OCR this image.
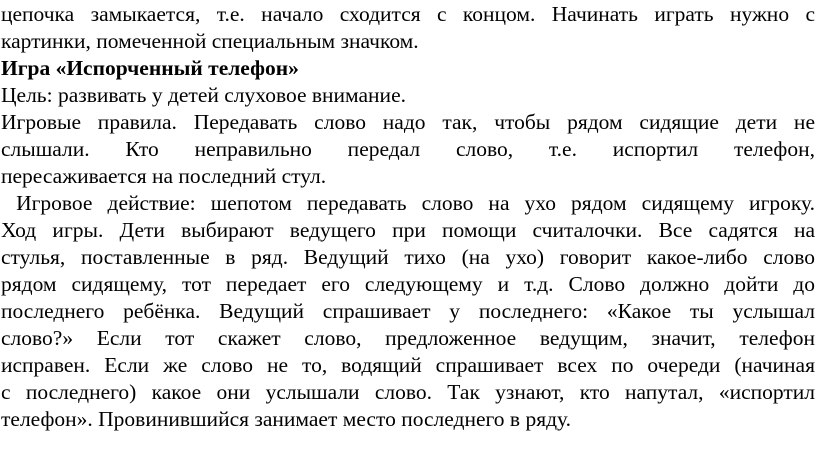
цепочка замыкается, т.е. начало сходится с концом. Начинать играть нужно с
картинки, помеченной специальным значком.
Игра «Испорченный телефон»
Цель: развивать у детей слуховое внимание.
Игровые правила. Передавать слово надо так, чтобы рядом сидящие дети не
слышали. Кто неправильно передал слово, т.е. испортил телефон,
пересаживается на последний стул.
Игровое действие: шепотом передавать слово на ухо рядом сидящему игроку.
Ход игры. Дети выбирают ведущего при помощи считалочки. Все садятся на
стулья, поставленные в ряд. Ведущий тихо (на ухо) говорит какое-либо слово
рядом сидящему, тот передает его следующему и т.д. Слово должно дойти до
последнего ребёнка. Ведущий спрашивает у последнего: «Какое ты услышал
слово?» Если тот скажет слово, предложенное ведущим, значит, телефон
исправен. Если же слово не то, водящий спрашивает всех по очереди (начиная
с последнего) какое они услышали слово. Так узнают, кто напутал, «испортил
телефон». Провинившийся занимает место последнего в ряду.
